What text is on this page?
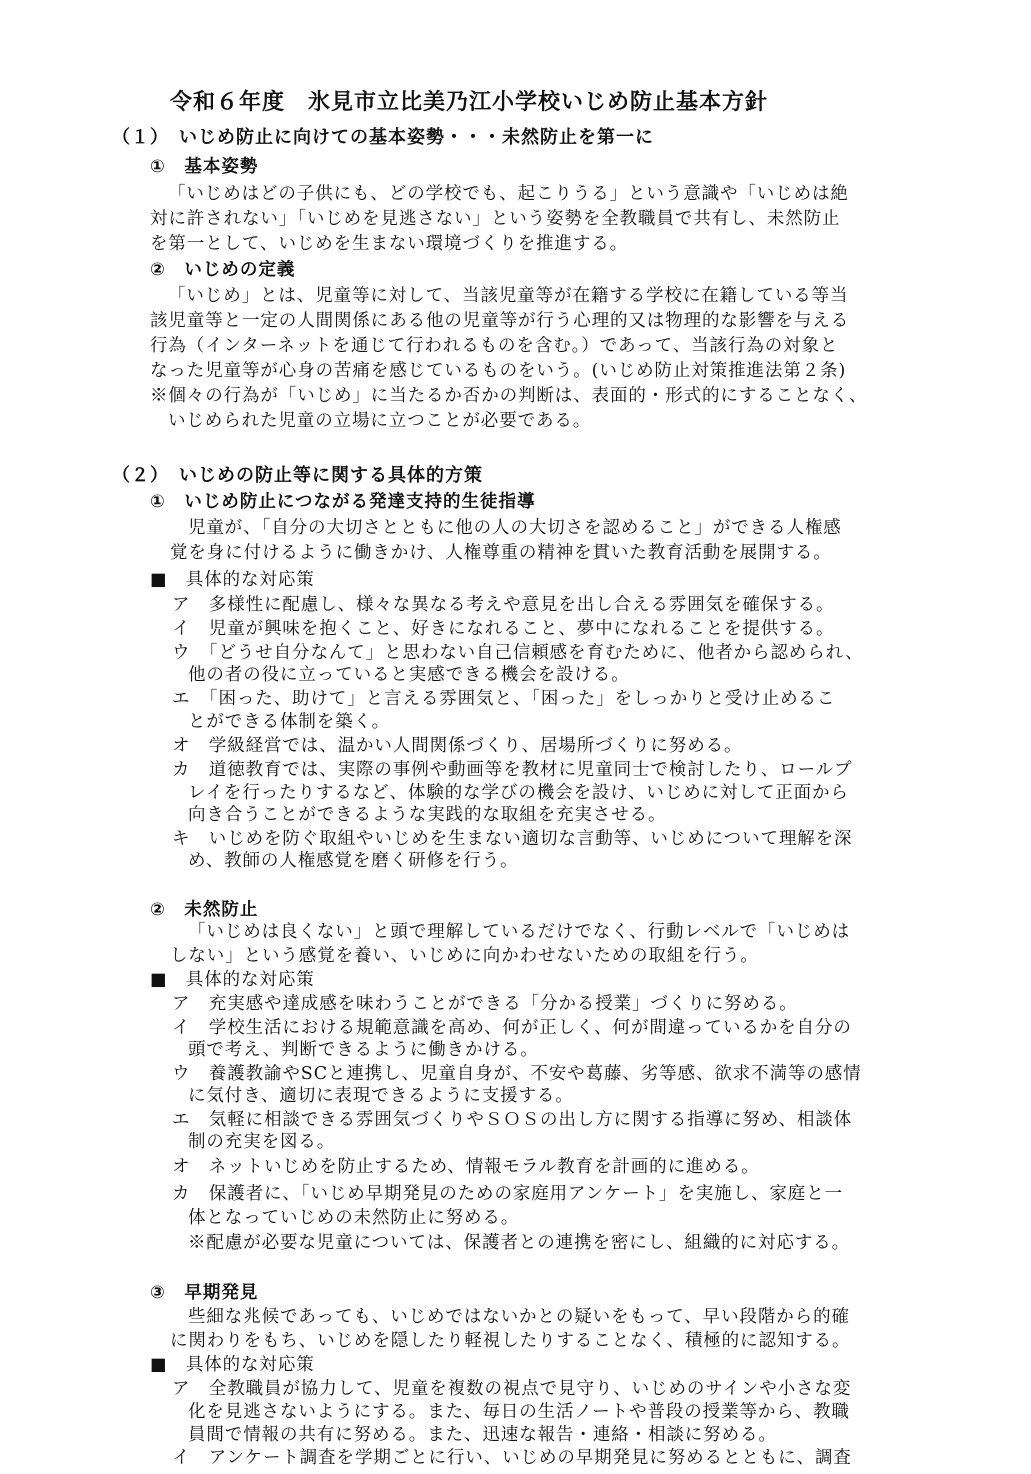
令和６年度　氷見市立比美乃江小学校いじめ防止基本方針
（１）　いじめ防止に向けての基本姿勢・・・未然防止を第一に
①　 基本姿勢
「いじめはどの子供にも、どの学校でも、起こりうる」という意識や「いじめは絶
対に許されない」「いじめを見逃さない」という姿勢を全教職員で共有し、未然防止
を第一として、いじめを生まない環境づくりを推進する。
②　 いじめの定義
「いじめ」とは、児童等に対して、当該児童等が在籍する学校に在籍している等当
該児童等と一定の人間関係にある他の児童等が行う心理的又は物理的な影響を与える
行為（インターネットを通じて行われるものを含む。）であって、当該行為の対象と
なった児童等が心身の苦痛を感じているものをいう。(いじめ防止対策推進法第２条)
※個々の行為が「いじめ」に当たるか否かの判断は、表面的・形式的にすることなく、
いじめられた児童の立場に立つことが必要である。
（２）　いじめの防止等に関する具体的方策
①　 いじめ防止につながる発達支持的生徒指導
児童が、「自分の大切さとともに他の人の大切さを認めること」ができる人権感
覚を身に付けるように働きかけ、人権尊重の精神を貫いた教育活動を展開する。
■　具体的な対応策
ア　多様性に配慮し、様々な異なる考えや意見を出し合える雰囲気を確保する。
イ　児童が興味を抱くこと、好きになれること、夢中になれることを提供する。
ウ　「どうせ自分なんて」と思わない自己信頼感を育むために、他者から認められ、
他の者の役に立っていると実感できる機会を設ける。
エ　「困った、助けて」と言える雰囲気と、「困った」をしっかりと受け止めるこ
とができる体制を築く。
オ　学級経営では、温かい人間関係づくり、居場所づくりに努める。
カ　道徳教育では、実際の事例や動画等を教材に児童同士で検討したり、ロールプ
レイを行ったりするなど、体験的な学びの機会を設け、いじめに対して正面から
向き合うことができるような実践的な取組を充実させる。
キ　いじめを防ぐ取組やいじめを生まない適切な言動等、いじめについて理解を深
め、教師の人権感覚を磨く研修を行う。
②　 未然防止
「いじめは良くない」と頭で理解しているだけでなく、行動レベルで「いじめは
しない」という感覚を養い、いじめに向かわせないための取組を行う。
■　具体的な対応策
ア　充実感や達成感を味わうことができる「分かる授業」づくりに努める。
イ　学校生活における規範意識を高め、何が正しく、何が間違っているかを自分の
頭で考え、判断できるように働きかける。
ウ　養護教諭やSCと連携し、児童自身が、不安や葛藤、劣等感、欲求不満等の感情
に気付き、適切に表現できるように支援する。
エ　気軽に相談できる雰囲気づくりやＳＯＳの出し方に関する指導に努め、相談体
制の充実を図る。
オ　ネットいじめを防止するため、情報モラル教育を計画的に進める。
カ　保護者に、「いじめ早期発見のための家庭用アンケート」を実施し、家庭と一
体となっていじめの未然防止に努める。
※配慮が必要な児童については、保護者との連携を密にし、組織的に対応する。
③　 早期発見
些細な兆候であっても、いじめではないかとの疑いをもって、早い段階から的確
に関わりをもち、いじめを隠したり軽視したりすることなく、積極的に認知する。
■　具体的な対応策
ア　全教職員が協力して、児童を複数の視点で見守り、いじめのサインや小さな変
化を見逃さないようにする。また、毎日の生活ノートや普段の授業等から、教職
員間で情報の共有に努める。また、迅速な報告・連絡・相談に努める。
イ　アンケート調査を学期ごとに行い、いじめの早期発見に努めるとともに、調査
